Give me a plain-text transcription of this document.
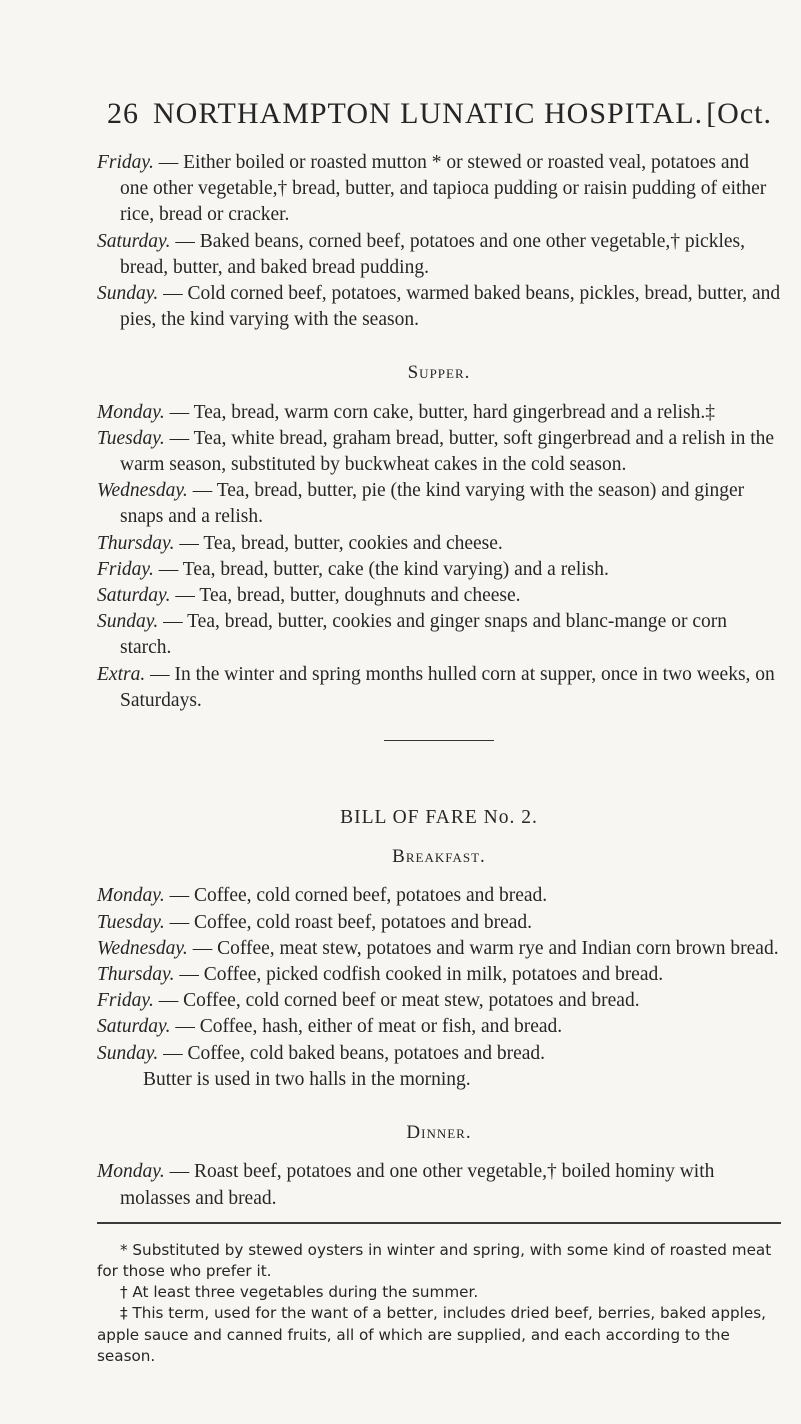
26 NORTHAMPTON LUNATIC HOSPITAL. [Oct.

Friday. — Either boiled or roasted mutton * or stewed or roasted veal, potatoes and one other vegetable,† bread, butter, and tapioca pudding or raisin pudding of either rice, bread or cracker.

Saturday. — Baked beans, corned beef, potatoes and one other vegetable,† pickles, bread, butter, and baked bread pudding.

Sunday. — Cold corned beef, potatoes, warmed baked beans, pickles, bread, butter, and pies, the kind varying with the season.

Supper.

Monday. — Tea, bread, warm corn cake, butter, hard gingerbread and a relish.‡

Tuesday. — Tea, white bread, graham bread, butter, soft gingerbread and a relish in the warm season, substituted by buckwheat cakes in the cold season.

Wednesday. — Tea, bread, butter, pie (the kind varying with the season) and ginger snaps and a relish.

Thursday. — Tea, bread, butter, cookies and cheese.

Friday. — Tea, bread, butter, cake (the kind varying) and a relish.

Saturday. — Tea, bread, butter, doughnuts and cheese.

Sunday. — Tea, bread, butter, cookies and ginger snaps and blanc-mange or corn starch.

Extra. — In the winter and spring months hulled corn at supper, once in two weeks, on Saturdays.

BILL OF FARE No. 2.

Breakfast.

Monday. — Coffee, cold corned beef, potatoes and bread.

Tuesday. — Coffee, cold roast beef, potatoes and bread.

Wednesday. — Coffee, meat stew, potatoes and warm rye and Indian corn brown bread.

Thursday. — Coffee, picked codfish cooked in milk, potatoes and bread.

Friday. — Coffee, cold corned beef or meat stew, potatoes and bread.

Saturday. — Coffee, hash, either of meat or fish, and bread.

Sunday. — Coffee, cold baked beans, potatoes and bread.

Butter is used in two halls in the morning.

Dinner.

Monday. — Roast beef, potatoes and one other vegetable,† boiled hominy with molasses and bread.

* Substituted by stewed oysters in winter and spring, with some kind of roasted meat for those who prefer it.

† At least three vegetables during the summer.

‡ This term, used for the want of a better, includes dried beef, berries, baked apples, apple sauce and canned fruits, all of which are supplied, and each according to the season.
